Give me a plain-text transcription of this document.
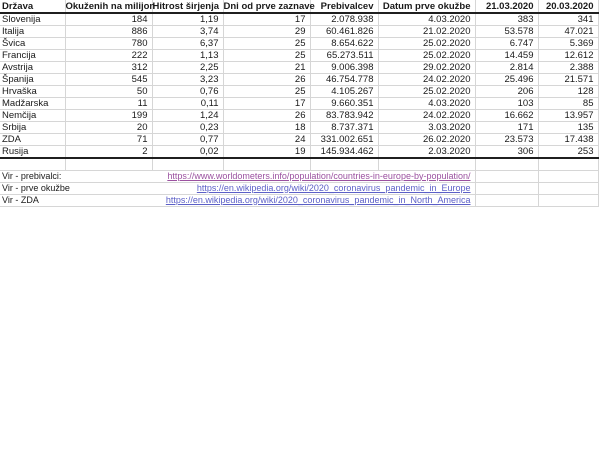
Država	Okuženih na milijon	Hitrost širjenja	Dni od prve zaznave	Prebivalcev	Datum prve okužbe	21.03.2020	20.03.2020
Slovenija	184	1,19	17	2.078.938	4.03.2020	383	341
Italija	886	3,74	29	60.461.826	21.02.2020	53.578	47.021
Švica	780	6,37	25	8.654.622	25.02.2020	6.747	5.369
Francija	222	1,13	25	65.273.511	25.02.2020	14.459	12.612
Avstrija	312	2,25	21	9.006.398	29.02.2020	2.814	2.388
Španija	545	3,23	26	46.754.778	24.02.2020	25.496	21.571
Hrvaška	50	0,76	25	4.105.267	25.02.2020	206	128
Madžarska	11	0,11	17	9.660.351	4.03.2020	103	85
Nemčija	199	1,24	26	83.783.942	24.02.2020	16.662	13.957
Srbija	20	0,23	18	8.737.371	3.03.2020	171	135
ZDA	71	0,77	24	331.002.651	26.02.2020	23.573	17.438
Rusija	2	0,02	19	145.934.462	2.03.2020	306	253

Vir - prebivalci:	https://www.worldometers.info/population/countries-in-europe-by-population/						
Vir - prve okužbe	https://en.wikipedia.org/wiki/2020_coronavirus_pandemic_in_Europe						
Vir - ZDA	https://en.wikipedia.org/wiki/2020_coronavirus_pandemic_in_North_America						
